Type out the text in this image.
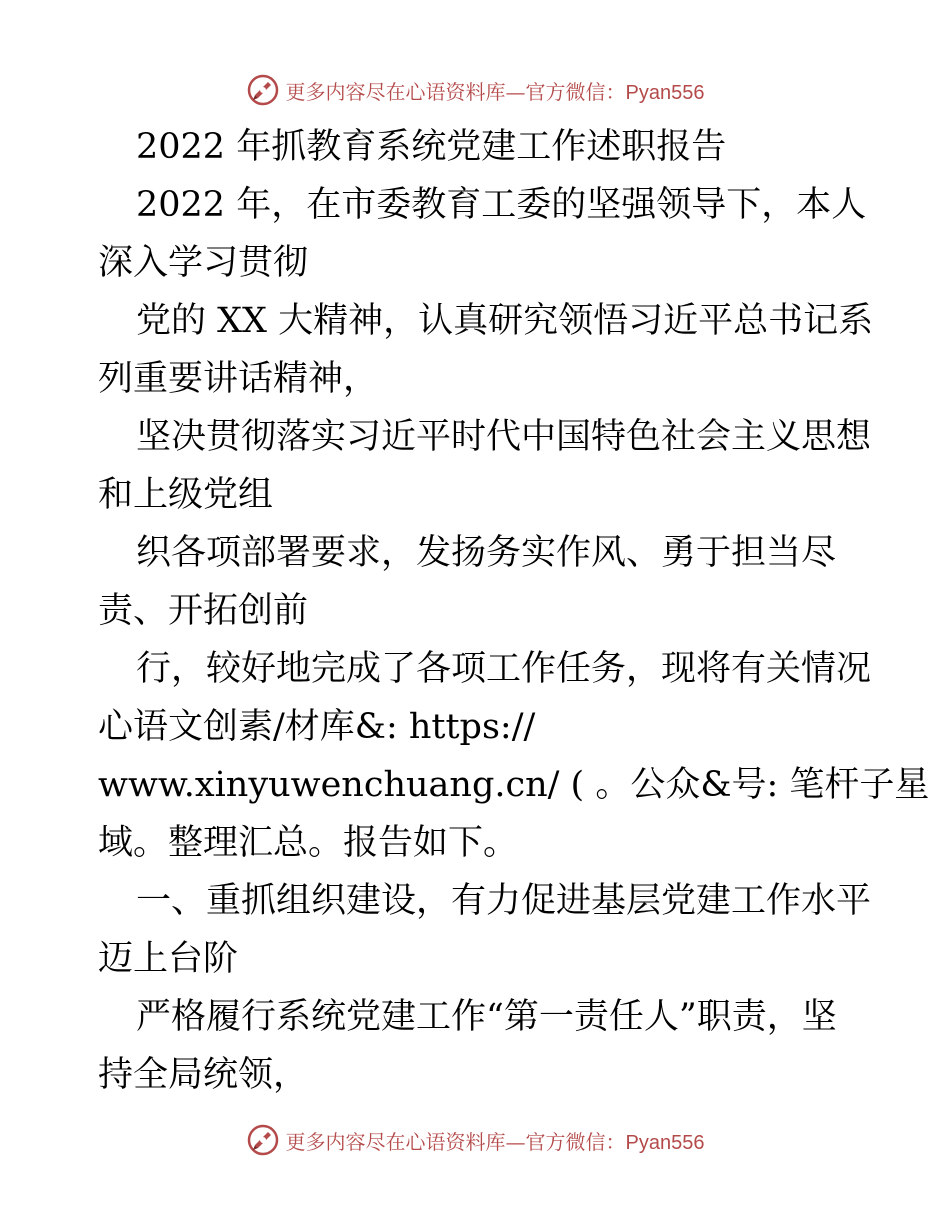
更多内容尽在心语资料库—官方微信：Pyan556
2022 年抓教育系统党建工作述职报告
2022 年，在市委教育工委的坚强领导下，本人
深入学习贯彻
党的 XX 大精神，认真研究领悟习近平总书记系
列重要讲话精神，
坚决贯彻落实习近平时代中国特色社会主义思想
和上级党组
织各项部署要求，发扬务实作风、勇于担当尽
责、开拓创前
行，较好地完成了各项工作任务，现将有关情况
心语文创素/材库&: https://
www.xinyuwenchuang.cn/ ( 。公众&号: 笔杆子星
域。整理汇总。报告如下。
一、重抓组织建设，有力促进基层党建工作水平
迈上台阶
严格履行系统党建工作“第一责任人”职责，坚
持全局统领，
更多内容尽在心语资料库—官方微信：Pyan556
